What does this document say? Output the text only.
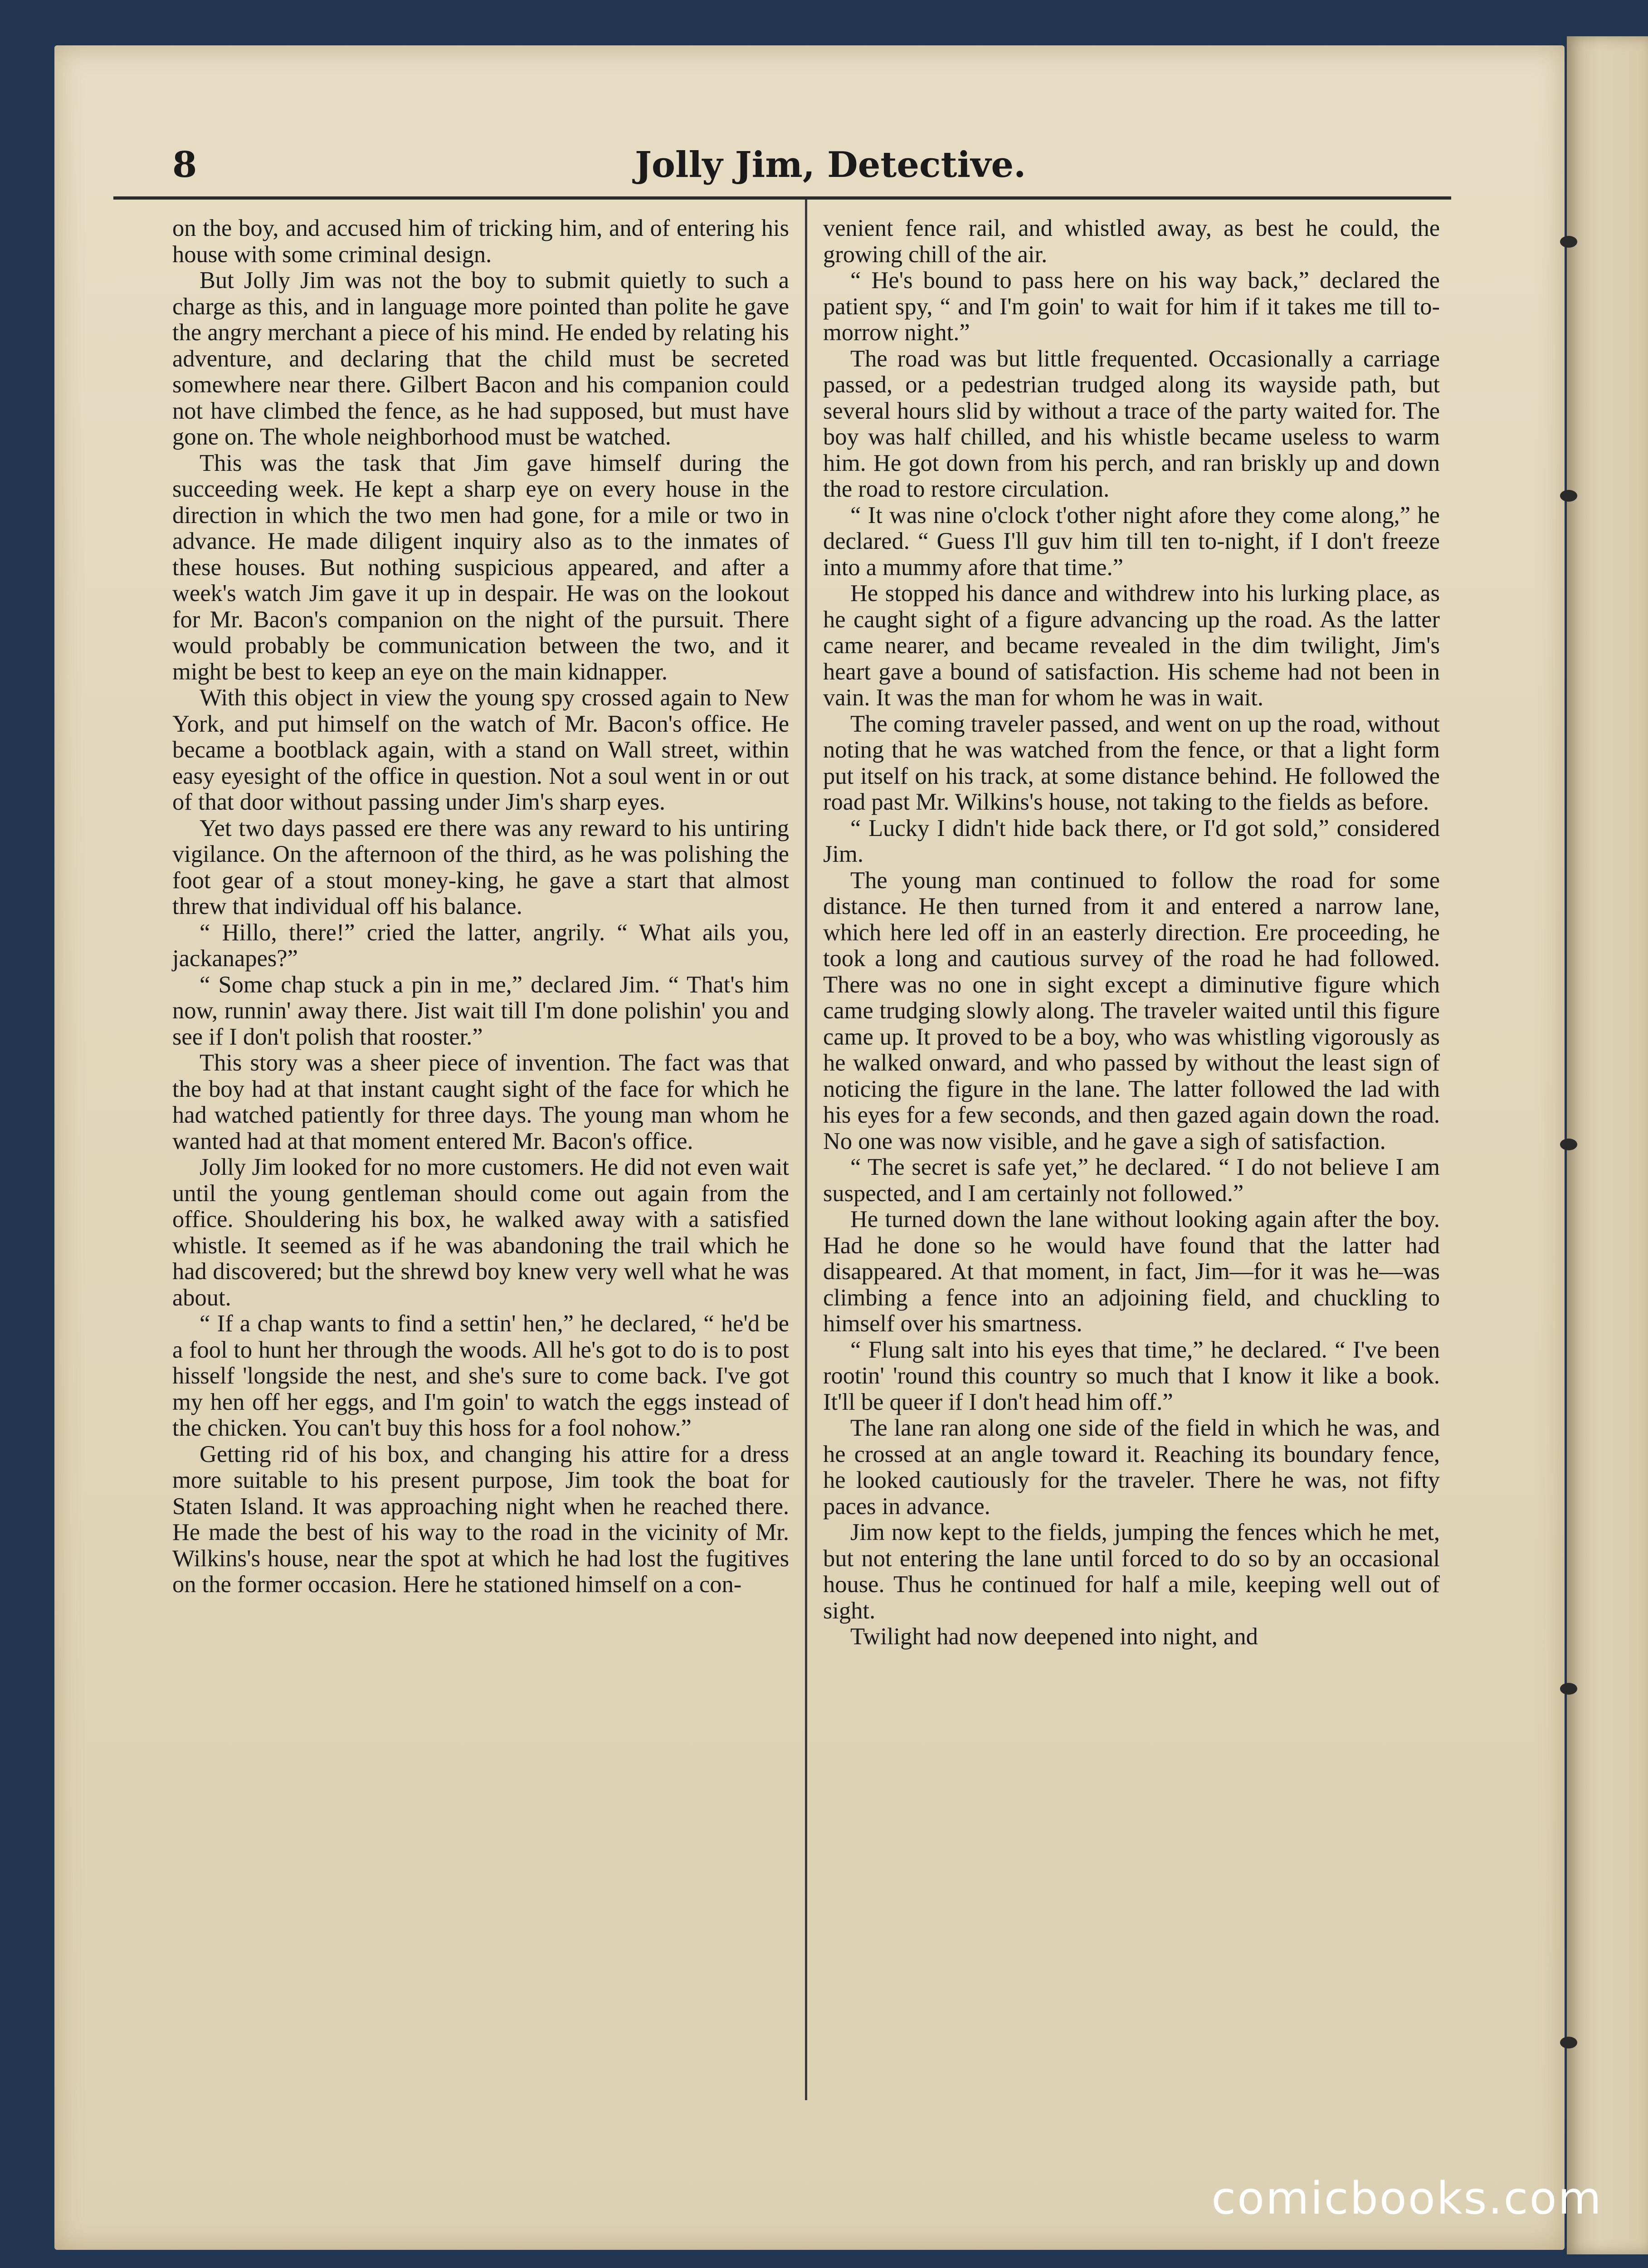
8	Jolly Jim, Detective.

on the boy, and accused him of tricking him, and of entering his house with some criminal design.

But Jolly Jim was not the boy to submit quietly to such a charge as this, and in language more pointed than polite he gave the angry merchant a piece of his mind. He ended by relating his adventure, and declaring that the child must be secreted somewhere near there. Gilbert Bacon and his companion could not have climbed the fence, as he had supposed, but must have gone on. The whole neighborhood must be watched.

This was the task that Jim gave himself during the succeeding week. He kept a sharp eye on every house in the direction in which the two men had gone, for a mile or two in advance. He made diligent inquiry also as to the inmates of these houses. But nothing suspicious appeared, and after a week's watch Jim gave it up in despair. He was on the lookout for Mr. Bacon's companion on the night of the pursuit. There would probably be communication between the two, and it might be best to keep an eye on the main kidnapper.

With this object in view the young spy crossed again to New York, and put himself on the watch of Mr. Bacon's office. He became a bootblack again, with a stand on Wall street, within easy eyesight of the office in question. Not a soul went in or out of that door without passing under Jim's sharp eyes.

Yet two days passed ere there was any reward to his untiring vigilance. On the afternoon of the third, as he was polishing the foot gear of a stout money-king, he gave a start that almost threw that individual off his balance.

“ Hillo, there!” cried the latter, angrily. “ What ails you, jackanapes?”

“ Some chap stuck a pin in me,” declared Jim. “ That's him now, runnin' away there. Jist wait till I'm done polishin' you and see if I don't polish that rooster.”

This story was a sheer piece of invention. The fact was that the boy had at that instant caught sight of the face for which he had watched patiently for three days. The young man whom he wanted had at that moment entered Mr. Bacon's office.

Jolly Jim looked for no more customers. He did not even wait until the young gentleman should come out again from the office. Shouldering his box, he walked away with a satisfied whistle. It seemed as if he was abandoning the trail which he had discovered; but the shrewd boy knew very well what he was about.

“ If a chap wants to find a settin' hen,” he declared, “ he'd be a fool to hunt her through the woods. All he's got to do is to post hisself 'longside the nest, and she's sure to come back. I've got my hen off her eggs, and I'm goin' to watch the eggs instead of the chicken. You can't buy this hoss for a fool nohow.”

Getting rid of his box, and changing his attire for a dress more suitable to his present purpose, Jim took the boat for Staten Island. It was approaching night when he reached there. He made the best of his way to the road in the vicinity of Mr. Wilkins's house, near the spot at which he had lost the fugitives on the former occasion. Here he stationed himself on a con-

venient fence rail, and whistled away, as best he could, the growing chill of the air.

“ He's bound to pass here on his way back,” declared the patient spy, “ and I'm goin' to wait for him if it takes me till to-morrow night.”

The road was but little frequented. Occasionally a carriage passed, or a pedestrian trudged along its wayside path, but several hours slid by without a trace of the party waited for. The boy was half chilled, and his whistle became useless to warm him. He got down from his perch, and ran briskly up and down the road to restore circulation.

“ It was nine o'clock t'other night afore they come along,” he declared. “ Guess I'll guv him till ten to-night, if I don't freeze into a mummy afore that time.”

He stopped his dance and withdrew into his lurking place, as he caught sight of a figure advancing up the road. As the latter came nearer, and became revealed in the dim twilight, Jim's heart gave a bound of satisfaction. His scheme had not been in vain. It was the man for whom he was in wait.

The coming traveler passed, and went on up the road, without noting that he was watched from the fence, or that a light form put itself on his track, at some distance behind. He followed the road past Mr. Wilkins's house, not taking to the fields as before.

“ Lucky I didn't hide back there, or I'd got sold,” considered Jim.

The young man continued to follow the road for some distance. He then turned from it and entered a narrow lane, which here led off in an easterly direction. Ere proceeding, he took a long and cautious survey of the road he had followed. There was no one in sight except a diminutive figure which came trudging slowly along. The traveler waited until this figure came up. It proved to be a boy, who was whistling vigorously as he walked onward, and who passed by without the least sign of noticing the figure in the lane. The latter followed the lad with his eyes for a few seconds, and then gazed again down the road. No one was now visible, and he gave a sigh of satisfaction.

“ The secret is safe yet,” he declared. “ I do not believe I am suspected, and I am certainly not followed.”

He turned down the lane without looking again after the boy. Had he done so he would have found that the latter had disappeared. At that moment, in fact, Jim—for it was he—was climbing a fence into an adjoining field, and chuckling to himself over his smartness.

“ Flung salt into his eyes that time,” he declared. “ I've been rootin' 'round this country so much that I know it like a book. It'll be queer if I don't head him off.”

The lane ran along one side of the field in which he was, and he crossed at an angle toward it. Reaching its boundary fence, he looked cautiously for the traveler. There he was, not fifty paces in advance.

Jim now kept to the fields, jumping the fences which he met, but not entering the lane until forced to do so by an occasional house. Thus he continued for half a mile, keeping well out of sight.

Twilight had now deepened into night, and

comicbooks.com
